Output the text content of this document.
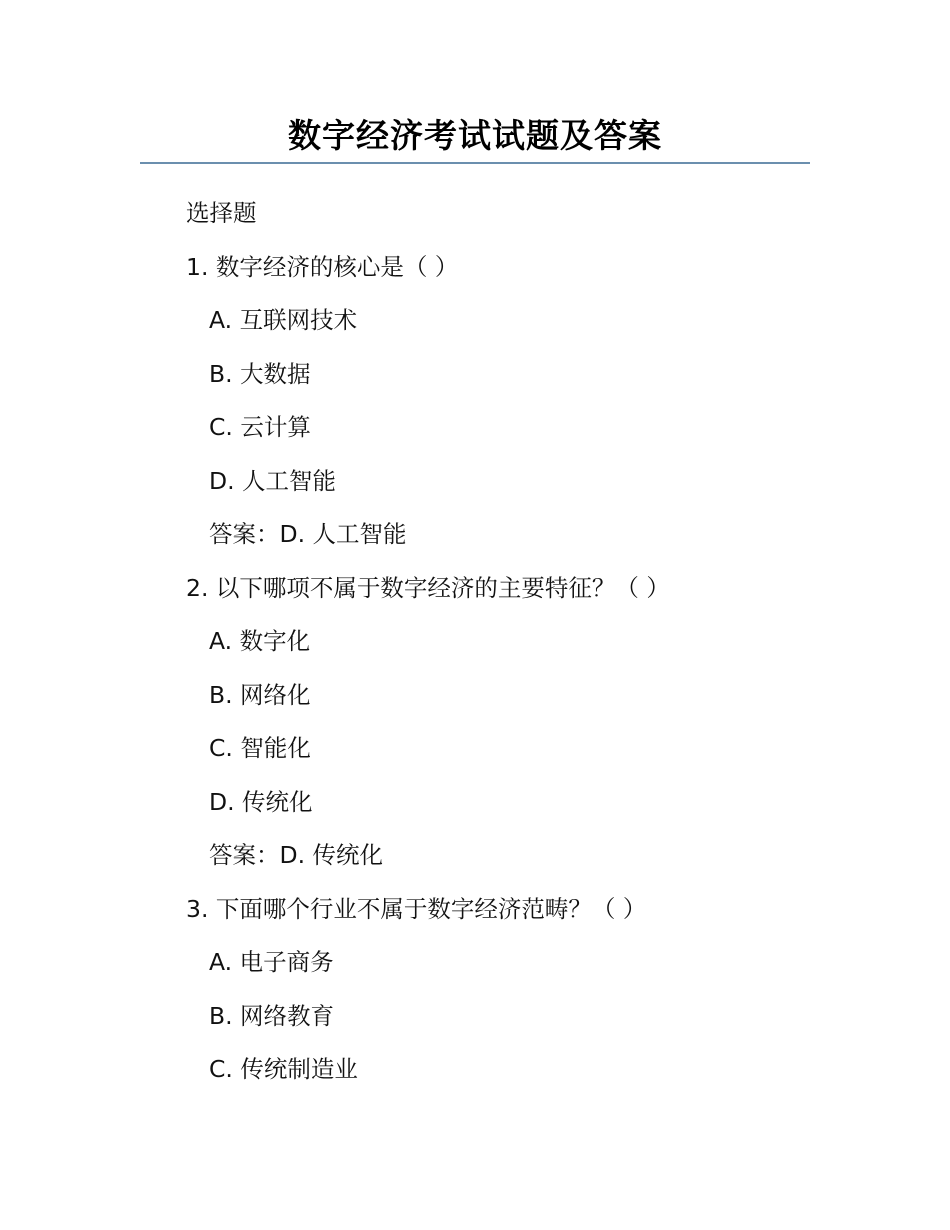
数字经济考试试题及答案
选择题
1. 数字经济的核心是（ ）
A. 互联网技术
B. 大数据
C. 云计算
D. 人工智能
答案：D. 人工智能
2. 以下哪项不属于数字经济的主要特征？（ ）
A. 数字化
B. 网络化
C. 智能化
D. 传统化
答案：D. 传统化
3. 下面哪个行业不属于数字经济范畴？（ ）
A. 电子商务
B. 网络教育
C. 传统制造业
